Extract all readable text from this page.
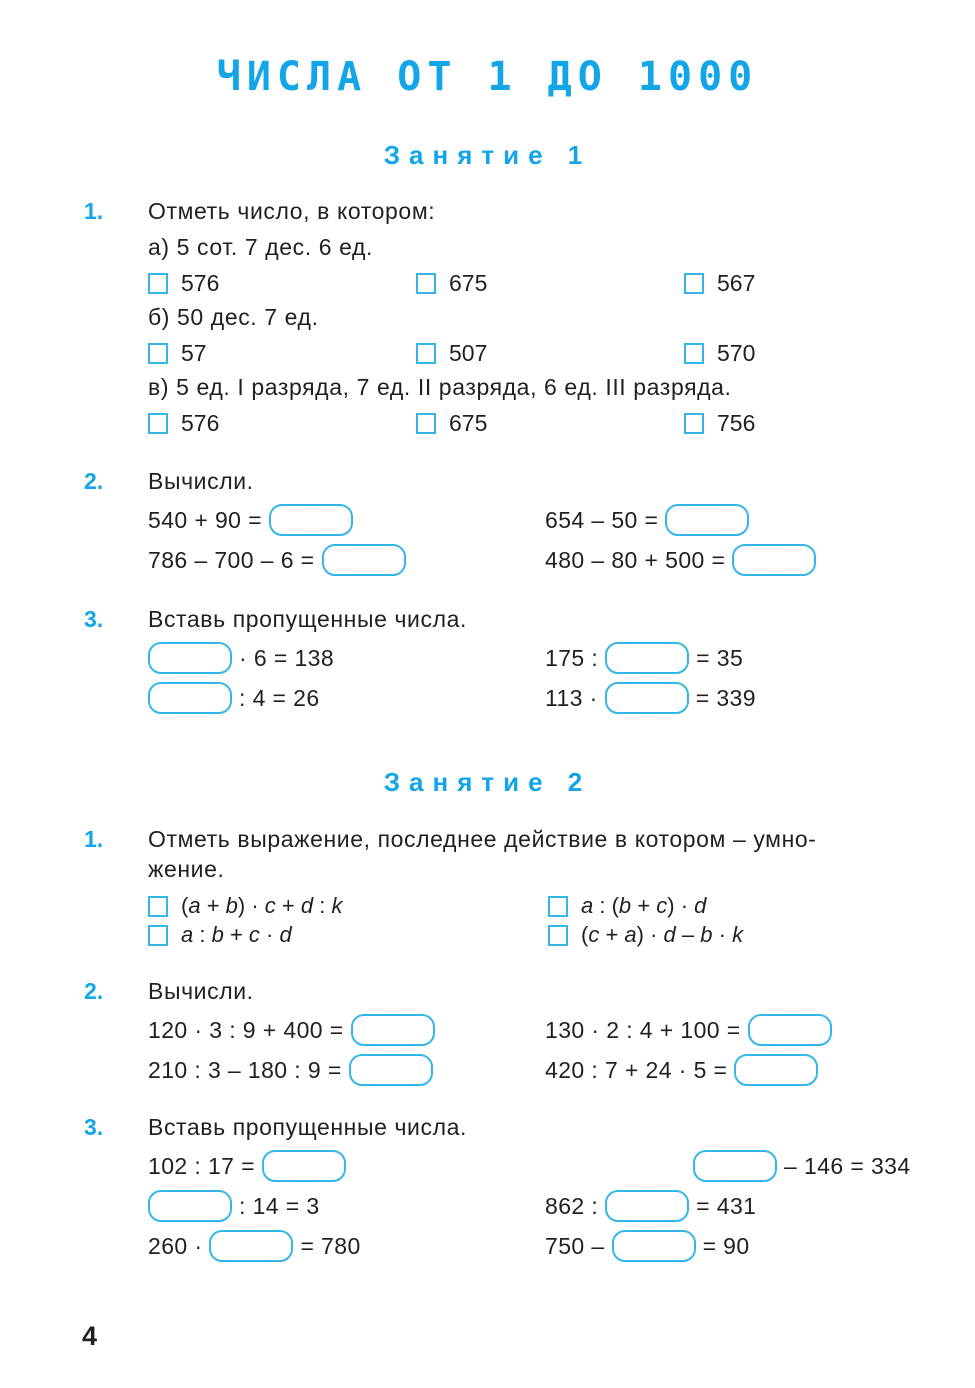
ЧИСЛА ОТ 1 ДО 1000
Занятие 1
1. Отметь число, в котором:
а) 5 сот. 7 дес. 6 ед.
576	675	567
б) 50 дес. 7 ед.
57	507	570
в) 5 ед. I разряда, 7 ед. II разряда, 6 ед. III разряда.
576	675	756
2. Вычисли.
540 + 90 =	654 – 50 =
786 – 700 – 6 =	480 – 80 + 500 =
3. Вставь пропущенные числа.
· 6 = 138	175 :	= 35
: 4 = 26	113 ·	= 339
Занятие 2
1. Отметь выражение, последнее действие в котором – умно-
жение.
(a + b) · c + d : k	a : (b + c) · d
a : b + c · d	(c + a) · d – b · k
2. Вычисли.
120 · 3 : 9 + 400 =	130 · 2 : 4 + 100 =
210 : 3 – 180 : 9 =	420 : 7 + 24 · 5 =
3. Вставь пропущенные числа.
102 : 17 =	– 146 = 334
: 14 = 3	862 :	= 431
260 ·	= 780	750 –	= 90
4
